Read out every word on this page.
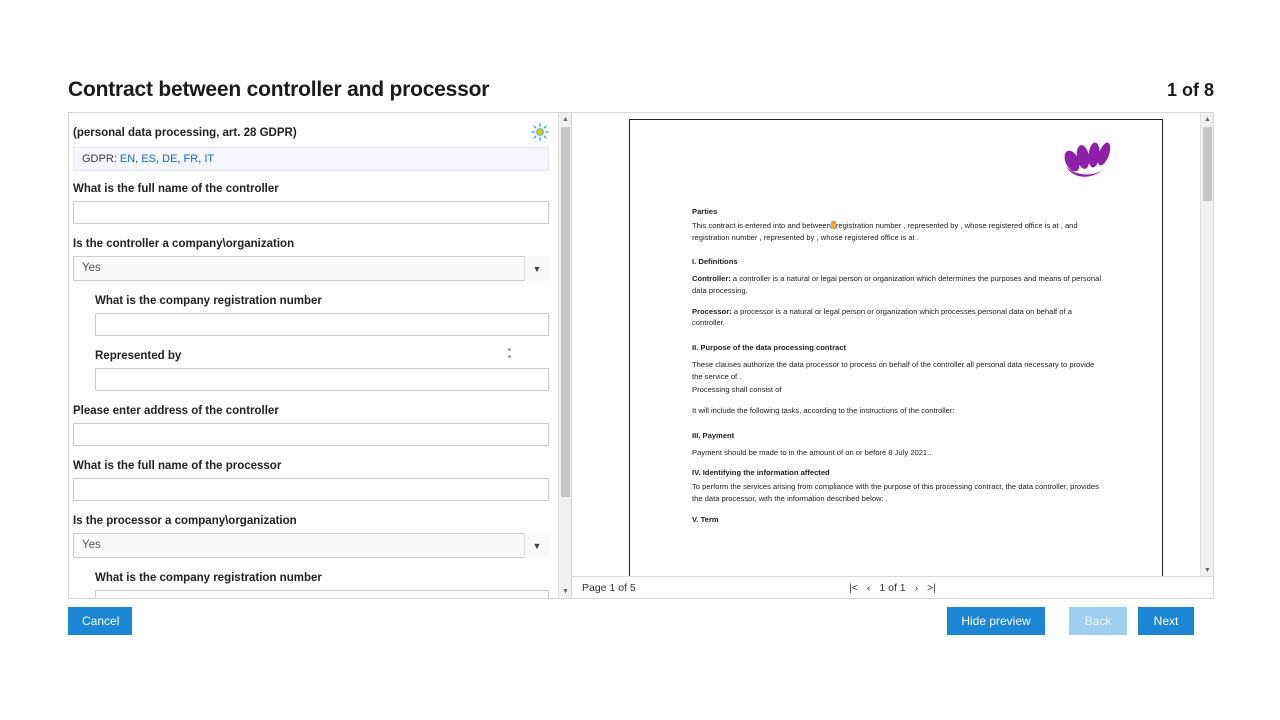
Contract between controller and processor	1 of 8
(personal data processing, art. 28 GDPR)
GDPR: EN, ES, DE, FR, IT
What is the full name of the controller
Is the controller a company\organization
Yes	▼
What is the company registration number
Represented by
Please enter address of the controller
What is the full name of the processor
Is the processor a company\organization
Yes	▼
What is the company registration number
▲
▼

Parties

This contract is entered into and between registration number , represented by , whose registered office is at , and registration number , represented by , whose registered office is at .

I. Definitions

Controller: a controller is a natural or legal person or organization which determines the purposes and means of personal data processing.

Processor: a processor is a natural or legal person or organization which processes personal data on behalf of a controller.

II. Purpose of the data processing contract

These clauses authorize the data processor to process on behalf of the controller all personal data necessary to provide the service of .

Processing shall consist of

It will include the following tasks, according to the instructions of the controller:

III. Payment

Payment should be made to in the amount of on or before 8 July 2021..

IV. Identifying the information affected

To perform the services arising from compliance with the purpose of this processing contract, the data controller, provides the data processor, with the information described below: .

V. Term

▲
▼
Page 1 of 5	|< ‹ 1 of 1 › >|
Cancel	Hide preview	Back	Next
